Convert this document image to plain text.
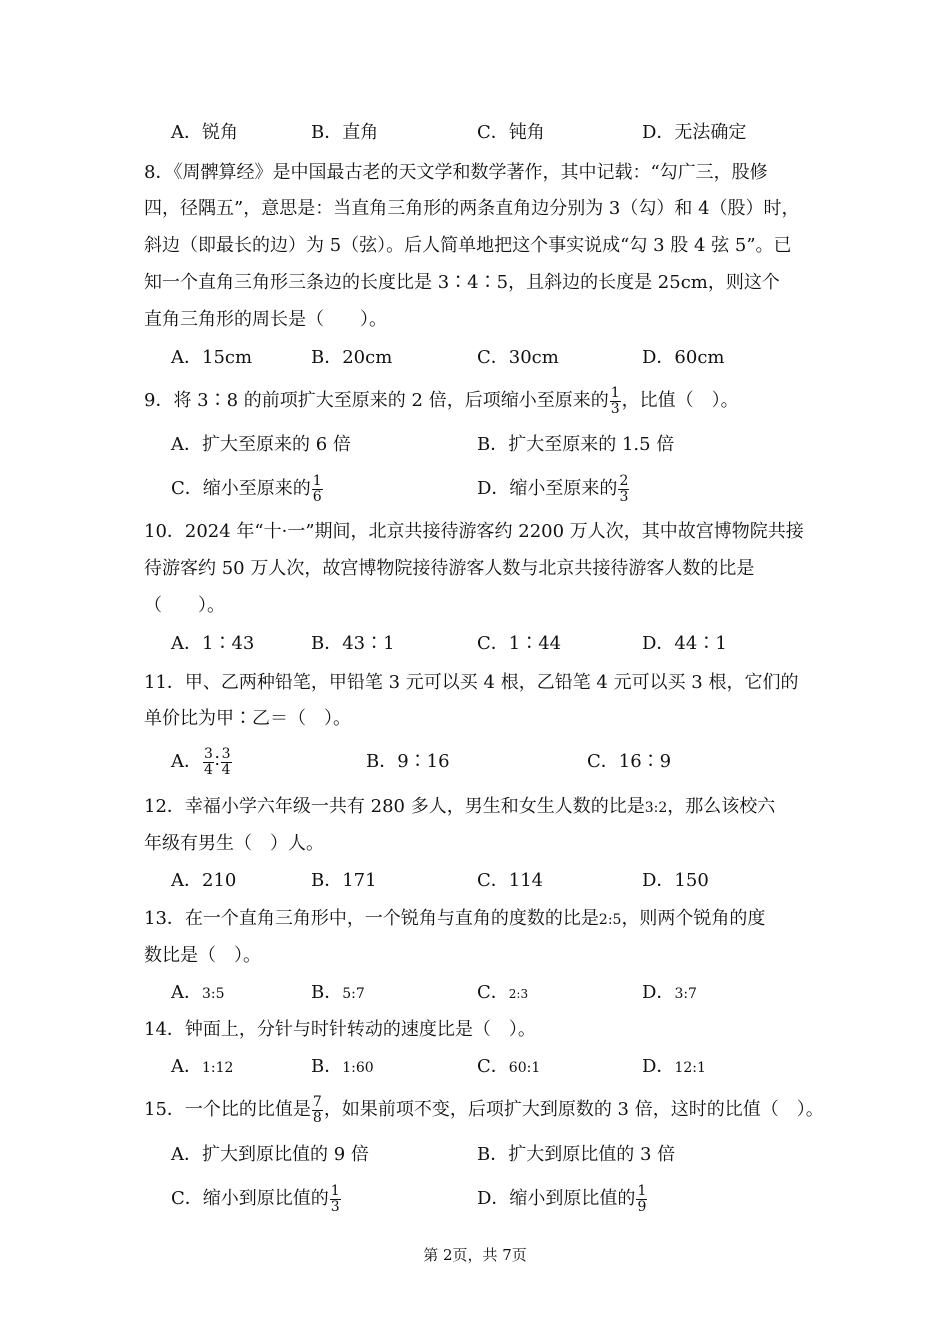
A．锐角	B．直角	C．钝角	D．无法确定
8．《周髀算经》是中国最古老的天文学和数学著作，其中记载：“勾广三，股修
四，径隅五”，意思是：当直角三角形的两条直角边分别为 3（勾）和 4（股）时，
斜边（即最长的边）为 5（弦）。后人简单地把这个事实说成“勾 3 股 4 弦 5”。已
知一个直角三角形三条边的长度比是 3∶4∶5，且斜边的长度是 25cm，则这个
直角三角形的周长是（　　）。
A．15cm	B．20cm	C．30cm	D．60cm
9．将 3∶8 的前项扩大至原来的 2 倍，后项缩小至原来的 $\frac{1}{3}$ ，比值（　）。
A．扩大至原来的 6 倍	B．扩大至原来的 1.5 倍
C．缩小至原来的 $\frac{1}{6}$	D．缩小至原来的 $\frac{2}{3}$
10．2024 年“十·一”期间，北京共接待游客约 2200 万人次，其中故宫博物院共接
待游客约 50 万人次，故宫博物院接待游客人数与北京共接待游客人数的比是
（　　）。
A．1∶43	B．43∶1	C．1∶44	D．44∶1
11．甲、乙两种铅笔，甲铅笔 3 元可以买 4 根，乙铅笔 4 元可以买 3 根，它们的
单价比为甲∶乙＝（　）。
A． $\frac{3}{4}$ ∶ $\frac{3}{4}$	B．9∶16	C．16∶9
12．幸福小学六年级一共有 280 多人，男生和女生人数的比是3:2，那么该校六
年级有男生（　）人。
A．210	B．171	C．114	D．150
13．在一个直角三角形中，一个锐角与直角的度数的比是2:5，则两个锐角的度
数比是（　）。
A．3:5	B．5:7	C．2:3	D．3:7
14．钟面上，分针与时针转动的速度比是（　）。
A．1:12	B．1:60	C．60:1	D．12:1
15．一个比的比值是 $\frac{7}{8}$ ，如果前项不变，后项扩大到原数的 3 倍，这时的比值（　）。
A．扩大到原比值的 9 倍	B．扩大到原比值的 3 倍
C．缩小到原比值的 $\frac{1}{3}$	D．缩小到原比值的 $\frac{1}{9}$
第 2页，共 7页
